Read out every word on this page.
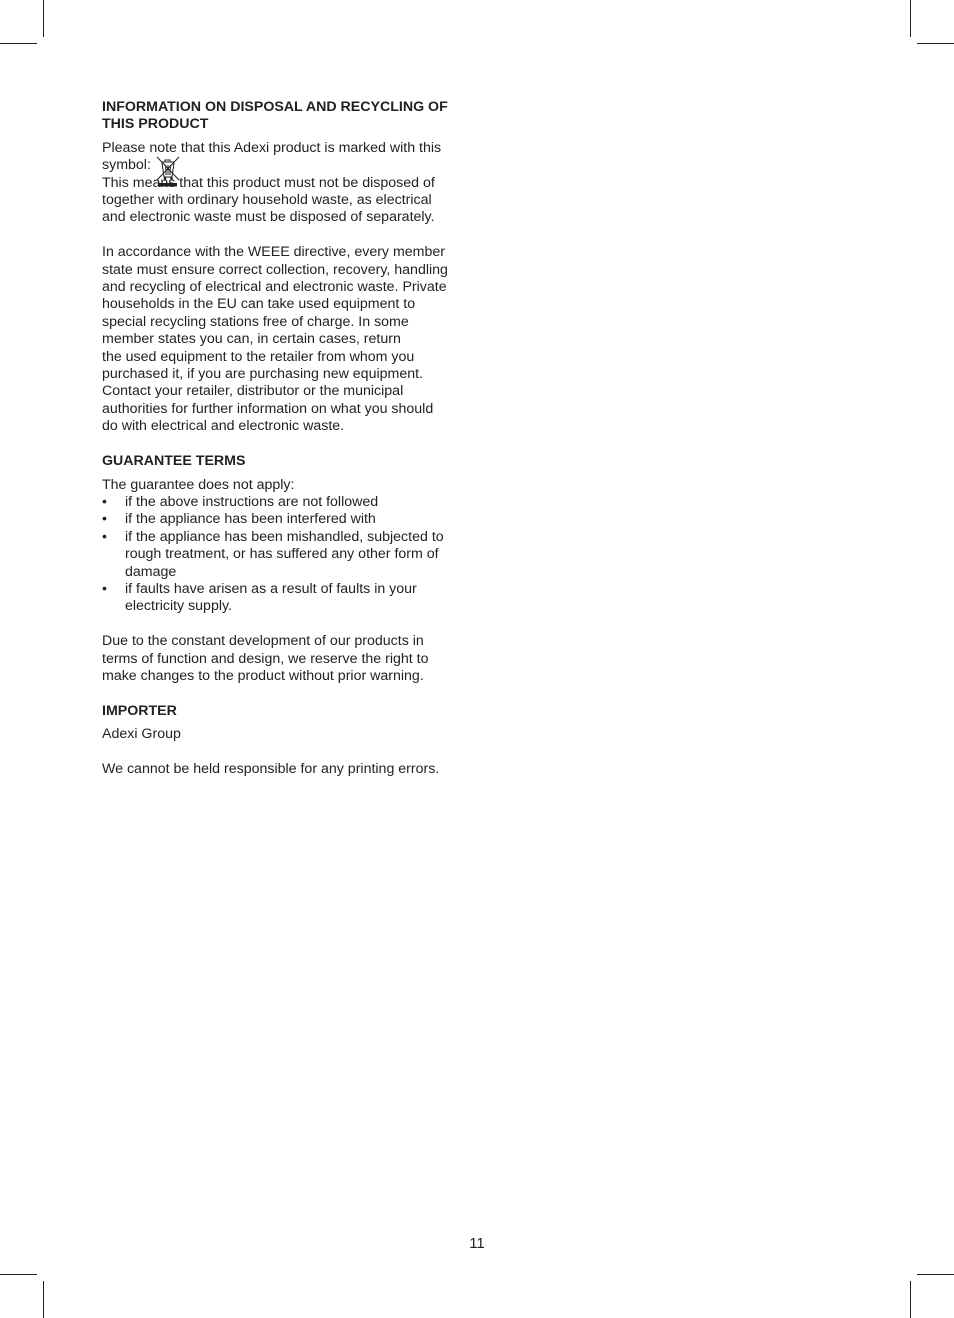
INFORMATION ON DISPOSAL AND RECYCLING OF
THIS PRODUCT

Please note that this Adexi product is marked with this
symbol:

This means that this product must not be disposed of
together with ordinary household waste, as electrical
and electronic waste must be disposed of separately.

In accordance with the WEEE directive, every member
state must ensure correct collection, recovery, handling
and recycling of electrical and electronic waste. Private
households in the EU can take used equipment to
special recycling stations free of charge. In some
member states you can, in certain cases, return
the used equipment to the retailer from whom you
purchased it, if you are purchasing new equipment.
Contact your retailer, distributor or the municipal
authorities for further information on what you should
do with electrical and electronic waste.

GUARANTEE TERMS

The guarantee does not apply:

• if the above instructions are not followed
• if the appliance has been interfered with
• if the appliance has been mishandled, subjected to
rough treatment, or has suffered any other form of
damage
• if faults have arisen as a result of faults in your
electricity supply.

Due to the constant development of our products in
terms of function and design, we reserve the right to
make changes to the product without prior warning.

IMPORTER

Adexi Group

We cannot be held responsible for any printing errors.

11
